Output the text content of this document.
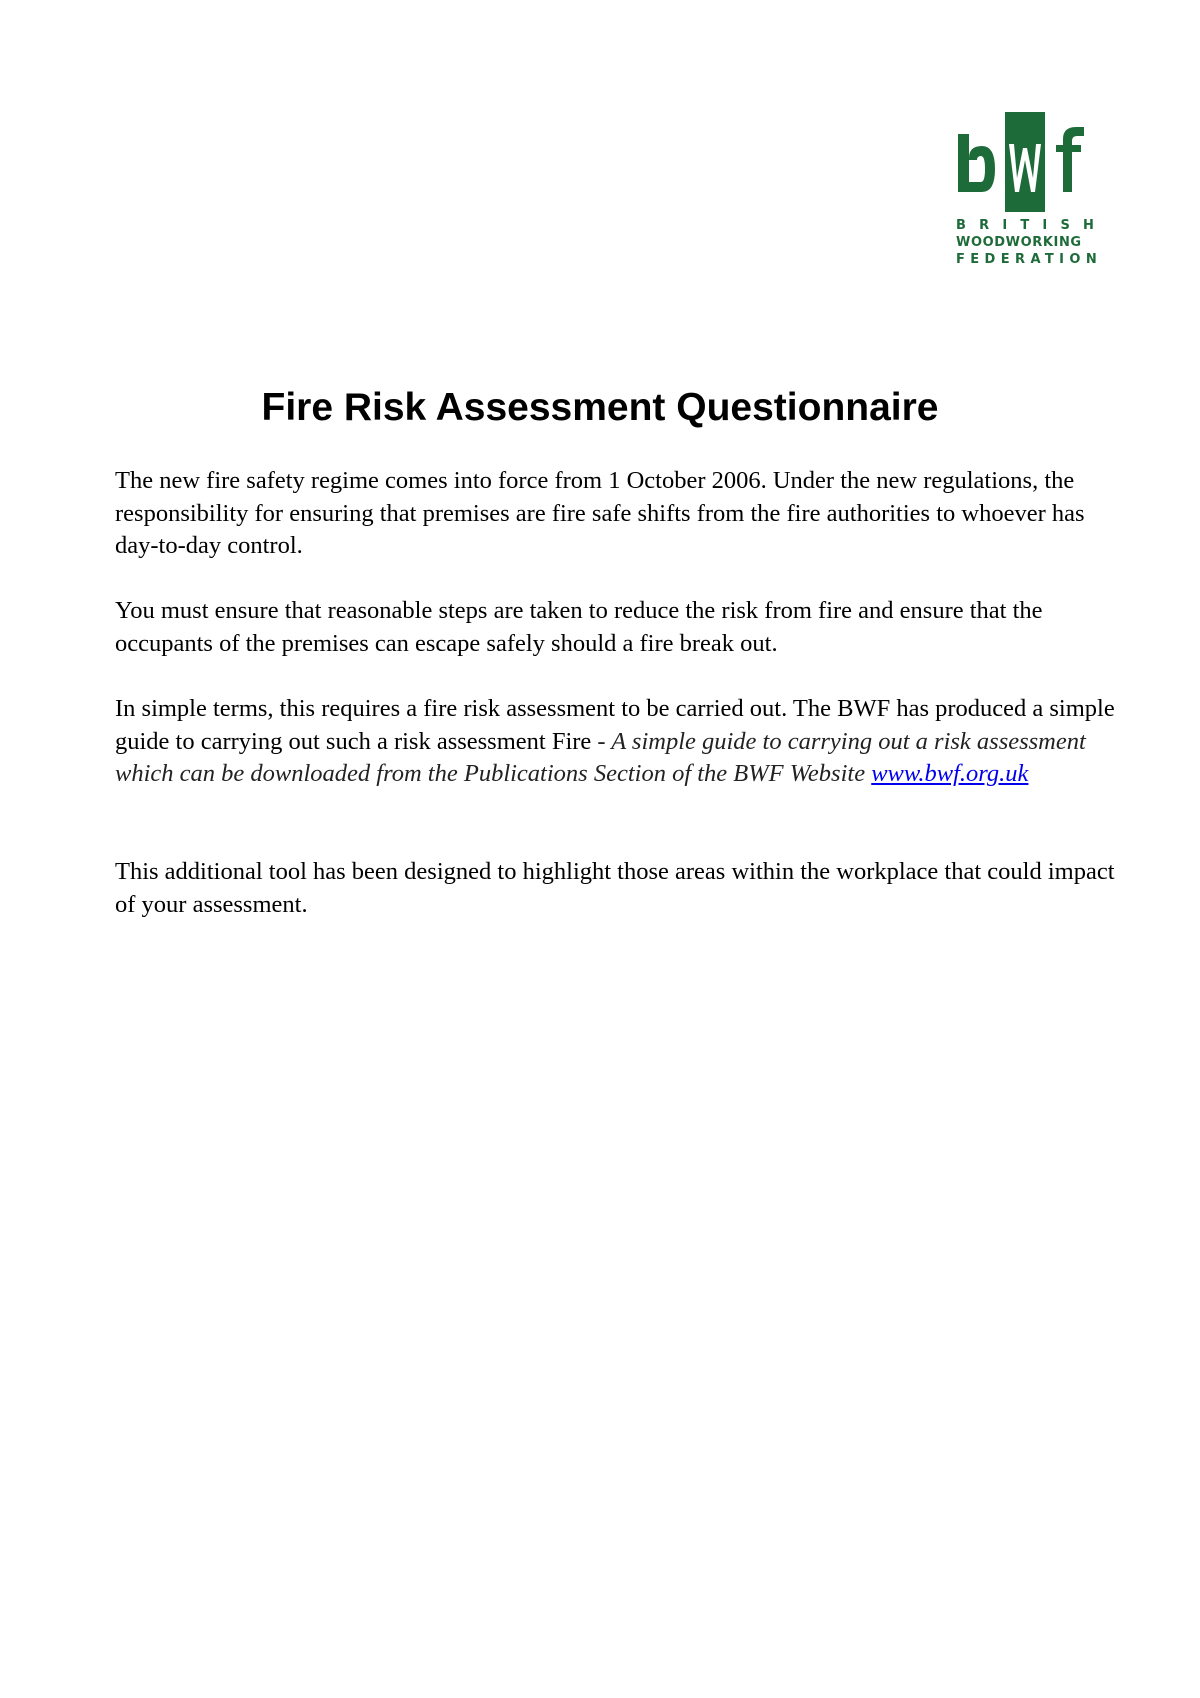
BRITISH
WOODWORKING
FEDERATION
Fire Risk Assessment Questionnaire

The new fire safety regime comes into force from 1 October 2006. Under the new regulations, the responsibility for ensuring that premises are fire safe shifts from the fire authorities to whoever has day-to-day control.

You must ensure that reasonable steps are taken to reduce the risk from fire and ensure that the occupants of the premises can escape safely should a fire break out.

In simple terms, this requires a fire risk assessment to be carried out. The BWF has produced a simple guide to carrying out such a risk assessment Fire - A simple guide to carrying out a risk assessment which can be downloaded from the Publications Section of the BWF Website www.bwf.org.uk

This additional tool has been designed to highlight those areas within the workplace that could impact of your assessment.
